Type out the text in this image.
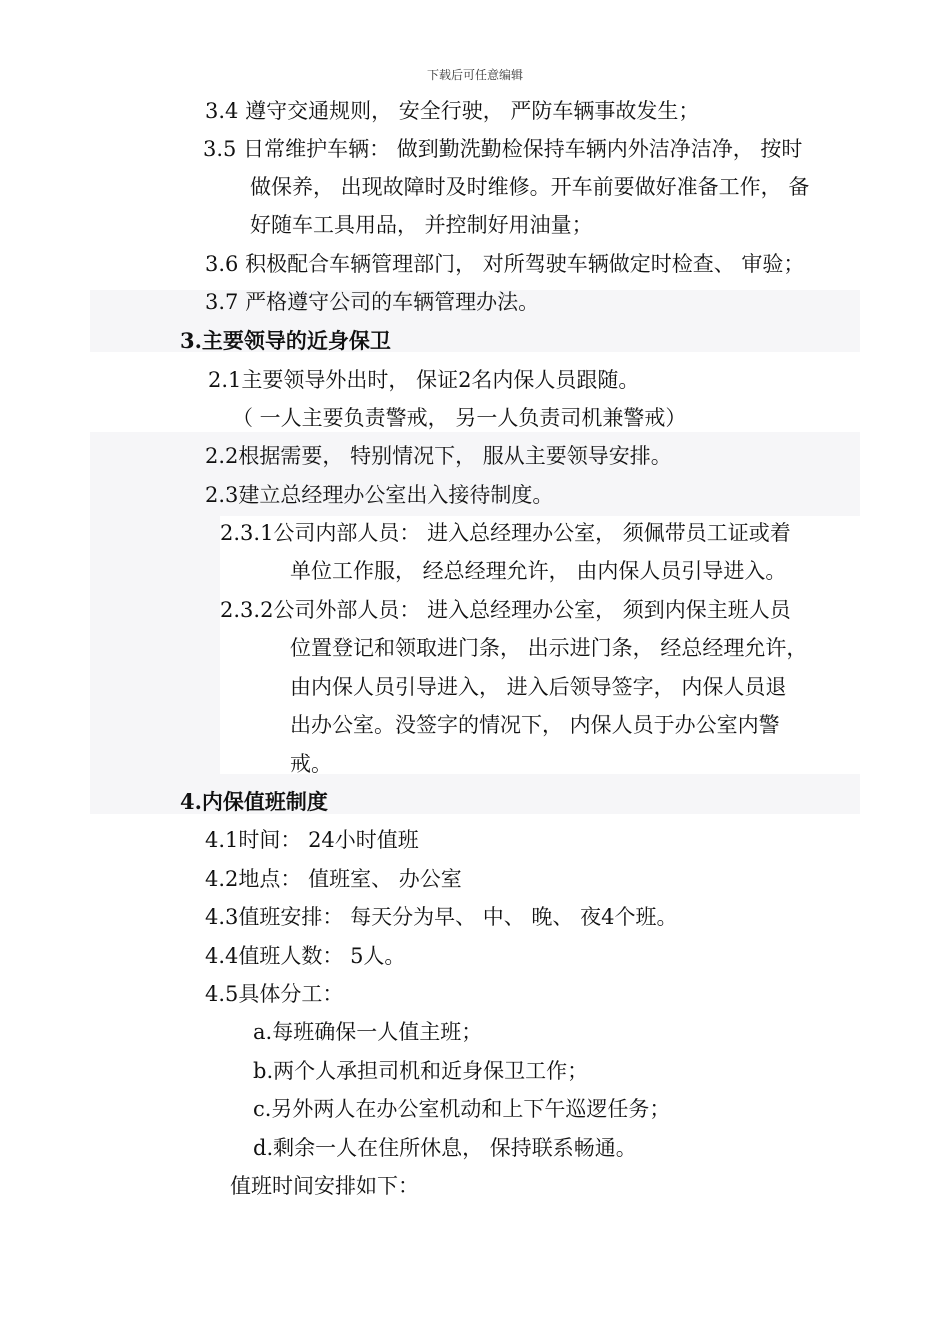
下载后可任意编辑
3.4 遵守交通规则， 安全行驶， 严防车辆事故发生；
3.5 日常维护车辆： 做到勤洗勤检保持车辆内外洁净洁净， 按时
做保养， 出现故障时及时维修。开车前要做好准备工作， 备
好随车工具用品， 并控制好用油量；
3.6 积极配合车辆管理部门， 对所驾驶车辆做定时检查、 审验；
3.7 严格遵守公司的车辆管理办法。
3.主要领导的近身保卫
2.1主要领导外出时， 保证2名内保人员跟随。
（ 一人主要负责警戒， 另一人负责司机兼警戒）
2.2根据需要， 特别情况下， 服从主要领导安排。
2.3建立总经理办公室出入接待制度。
2.3.1公司内部人员： 进入总经理办公室， 须佩带员工证或着
单位工作服， 经总经理允许， 由内保人员引导进入。
2.3.2公司外部人员： 进入总经理办公室， 须到内保主班人员
位置登记和领取进门条， 出示进门条， 经总经理允许，
由内保人员引导进入， 进入后领导签字， 内保人员退
出办公室。没签字的情况下， 内保人员于办公室内警
戒。
4.内保值班制度
4.1时间： 24小时值班
4.2地点： 值班室、 办公室
4.3值班安排： 每天分为早、 中、 晚、 夜4个班。
4.4值班人数： 5人。
4.5具体分工：
a.每班确保一人值主班；
b.两个人承担司机和近身保卫工作；
c.另外两人在办公室机动和上下午巡逻任务；
d.剩余一人在住所休息， 保持联系畅通。
值班时间安排如下：
